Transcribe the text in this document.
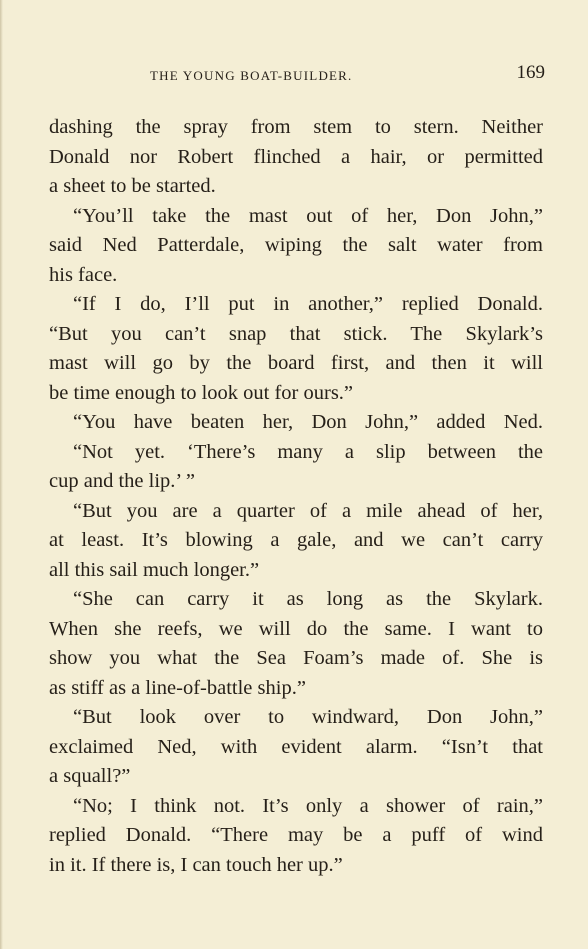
THE YOUNG BOAT-BUILDER.	169
dashing the spray from stem to stern. Neither
Donald nor Robert flinched a hair, or permitted
a sheet to be started.
“You’ll take the mast out of her, Don John,”
said Ned Patterdale, wiping the salt water from
his face.
“If I do, I’ll put in another,” replied Donald.
“But you can’t snap that stick. The Skylark’s
mast will go by the board first, and then it will
be time enough to look out for ours.”
“You have beaten her, Don John,” added Ned.
“Not yet. ‘There’s many a slip between the
cup and the lip.’ ”
“But you are a quarter of a mile ahead of her,
at least. It’s blowing a gale, and we can’t carry
all this sail much longer.”
“She can carry it as long as the Skylark.
When she reefs, we will do the same. I want to
show you what the Sea Foam’s made of. She is
as stiff as a line-of-battle ship.”
“But look over to windward, Don John,”
exclaimed Ned, with evident alarm. “Isn’t that
a squall?”
“No; I think not. It’s only a shower of rain,”
replied Donald. “There may be a puff of wind
in it. If there is, I can touch her up.”
